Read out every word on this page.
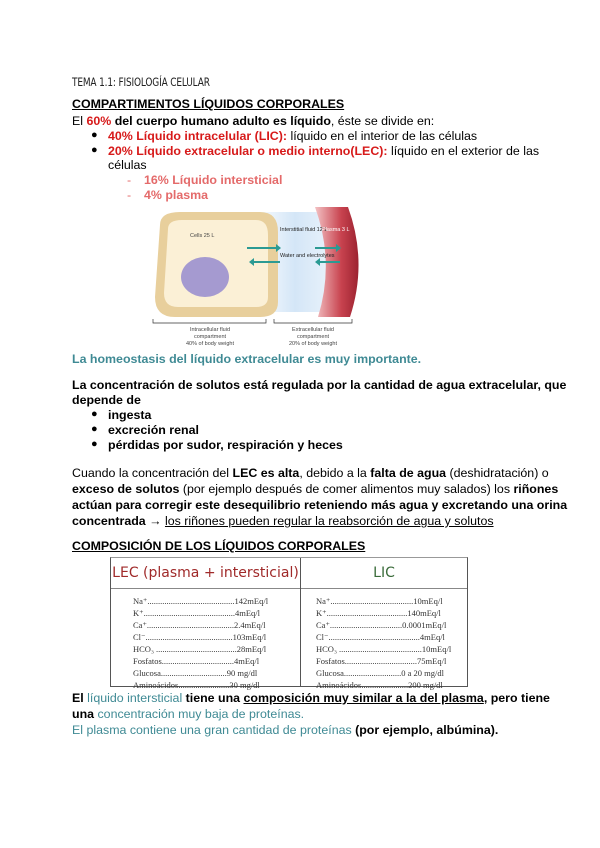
TEMA 1.1: FISIOLOGÍA CELULAR
COMPARTIMENTOS LÍQUIDOS CORPORALES
El 60% del cuerpo humano adulto es líquido, éste se divide en:
● 40% Líquido intracelular (LIC): líquido en el interior de las células
● 20% Líquido extracelular o medio interno(LEC): líquido en el exterior de las
células
- 16% Líquido intersticial
- 4% plasma
Cells 25 L
Interstitial fluid 12 L
Plasma 3 L
Water and electrolytes
Intracellular fluid
compartment
40% of body weight
Extracellular fluid
compartment
20% of body weight
La homeostasis del líquido extracelular es muy importante.
La concentración de solutos está regulada por la cantidad de agua extracelular, que
depende de
● ingesta
● excreción renal
● pérdidas por sudor, respiración y heces
Cuando la concentración del LEC es alta, debido a la falta de agua (deshidratación) o
exceso de solutos (por ejemplo después de comer alimentos muy salados) los riñones
actúan para corregir este desequilibrio reteniendo más agua y excretando una orina
concentrada → los riñones pueden regular la reabsorción de agua y solutos
COMPOSICIÓN DE LOS LÍQUIDOS CORPORALES
LEC (plasma + intersticial)	LIC
Na⁺.........................................142mEq/l	Na⁺.......................................10mEq/l
K⁺...........................................4mEq/l	K⁺......................................140mEq/l
Ca⁺.........................................2.4mEq/l	Ca⁺..................................0.0001mEq/l
Cl⁻.........................................103mEq/l	Cl⁻...........................................4mEq/l
HCO₃ ......................................28mEq/l	HCO₃ .......................................10mEq/l
Fosfatos..................................4mEq/l	Fosfatos..................................75mEq/l
Glucosa...............................90 mg/dl	Glucosa...........................0 a 20 mg/dl
Aminoácidos........................30 mg/dl	Aminoácidos......................200 mg/dl
El líquido intersticial tiene una composición muy similar a la del plasma, pero tiene
una concentración muy baja de proteínas.
El plasma contiene una gran cantidad de proteínas (por ejemplo, albúmina).
